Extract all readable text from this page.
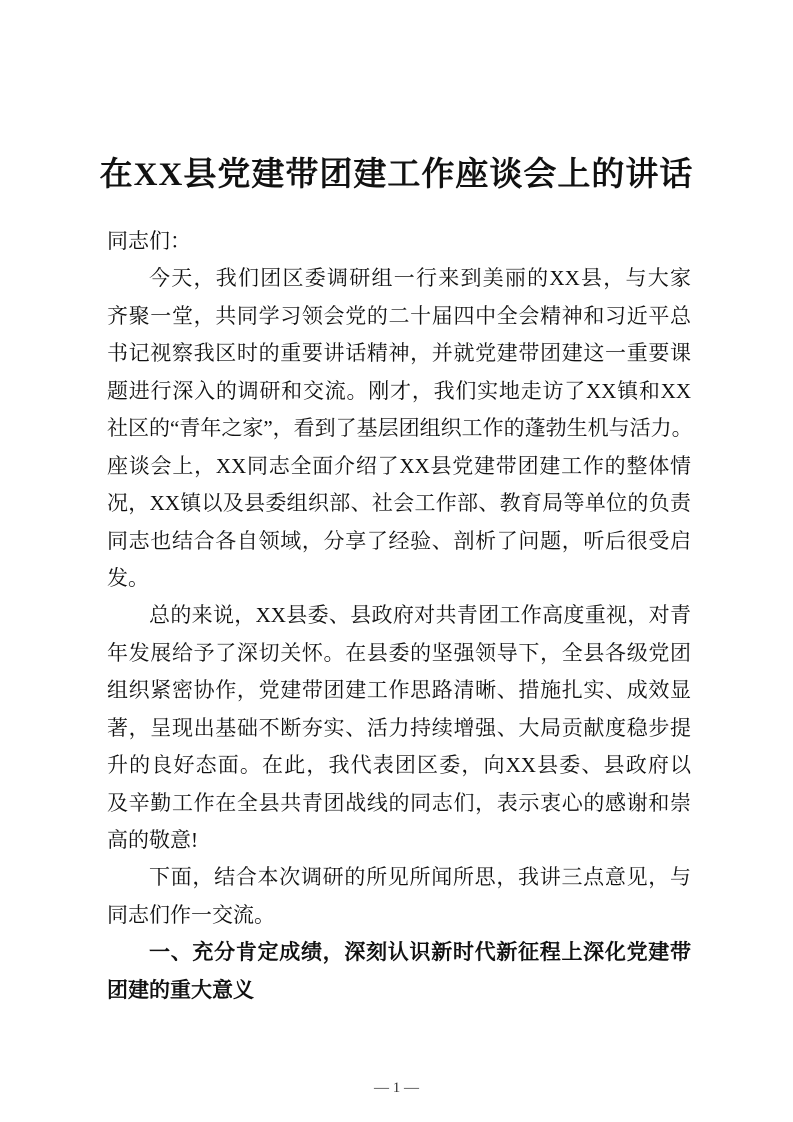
在XX县党建带团建工作座谈会上的讲话
同志们：
今天，我们团区委调研组一行来到美丽的XX县，与大家
齐聚一堂，共同学习领会党的二十届四中全会精神和习近平总
书记视察我区时的重要讲话精神，并就党建带团建这一重要课
题进行深入的调研和交流。刚才，我们实地走访了XX镇和XX
社区的“青年之家”，看到了基层团组织工作的蓬勃生机与活力。
座谈会上，XX同志全面介绍了XX县党建带团建工作的整体情
况，XX镇以及县委组织部、社会工作部、教育局等单位的负责
同志也结合各自领域，分享了经验、剖析了问题，听后很受启
发。
总的来说，XX县委、县政府对共青团工作高度重视，对青
年发展给予了深切关怀。在县委的坚强领导下，全县各级党团
组织紧密协作，党建带团建工作思路清晰、措施扎实、成效显
著，呈现出基础不断夯实、活力持续增强、大局贡献度稳步提
升的良好态面。在此，我代表团区委，向XX县委、县政府以
及辛勤工作在全县共青团战线的同志们，表示衷心的感谢和崇
高的敬意!
下面，结合本次调研的所见所闻所思，我讲三点意见，与
同志们作一交流。
一、充分肯定成绩，深刻认识新时代新征程上深化党建带
团建的重大意义
— 1 —
